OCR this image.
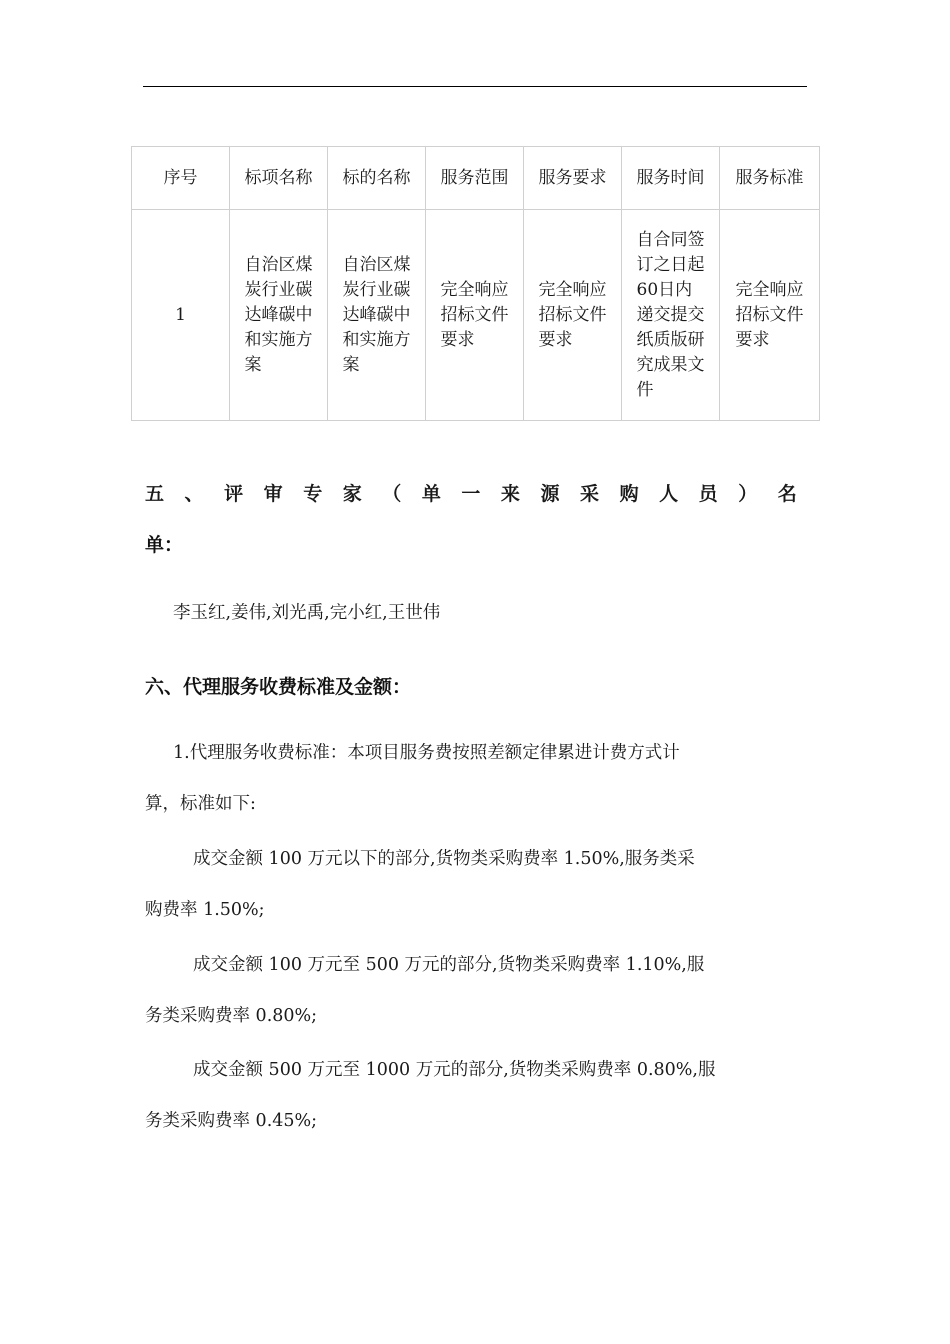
序号	标项名称	标的名称	服务范围	服务要求	服务时间	服务标准

1	自治区煤炭行业碳达峰碳中和实施方案	自治区煤炭行业碳达峰碳中和实施方案	完全响应招标文件要求	完全响应招标文件要求	自合同签订之日起60日内递交提交纸质版研究成果文件	完全响应招标文件要求
五 、 评 审 专 家 （ 单 一 来 源 采 购 人 员 ） 名
单：
李玉红,姜伟,刘光禹,完小红,王世伟
六、代理服务收费标准及金额：
1.代理服务收费标准：本项目服务费按照差额定律累进计费方式计
算，标准如下:
成交金额 100 万元以下的部分,货物类采购费率 1.50%,服务类采
购费率 1.50%;
成交金额 100 万元至 500 万元的部分,货物类采购费率 1.10%,服
务类采购费率 0.80%;
成交金额 500 万元至 1000 万元的部分,货物类采购费率 0.80%,服
务类采购费率 0.45%;
